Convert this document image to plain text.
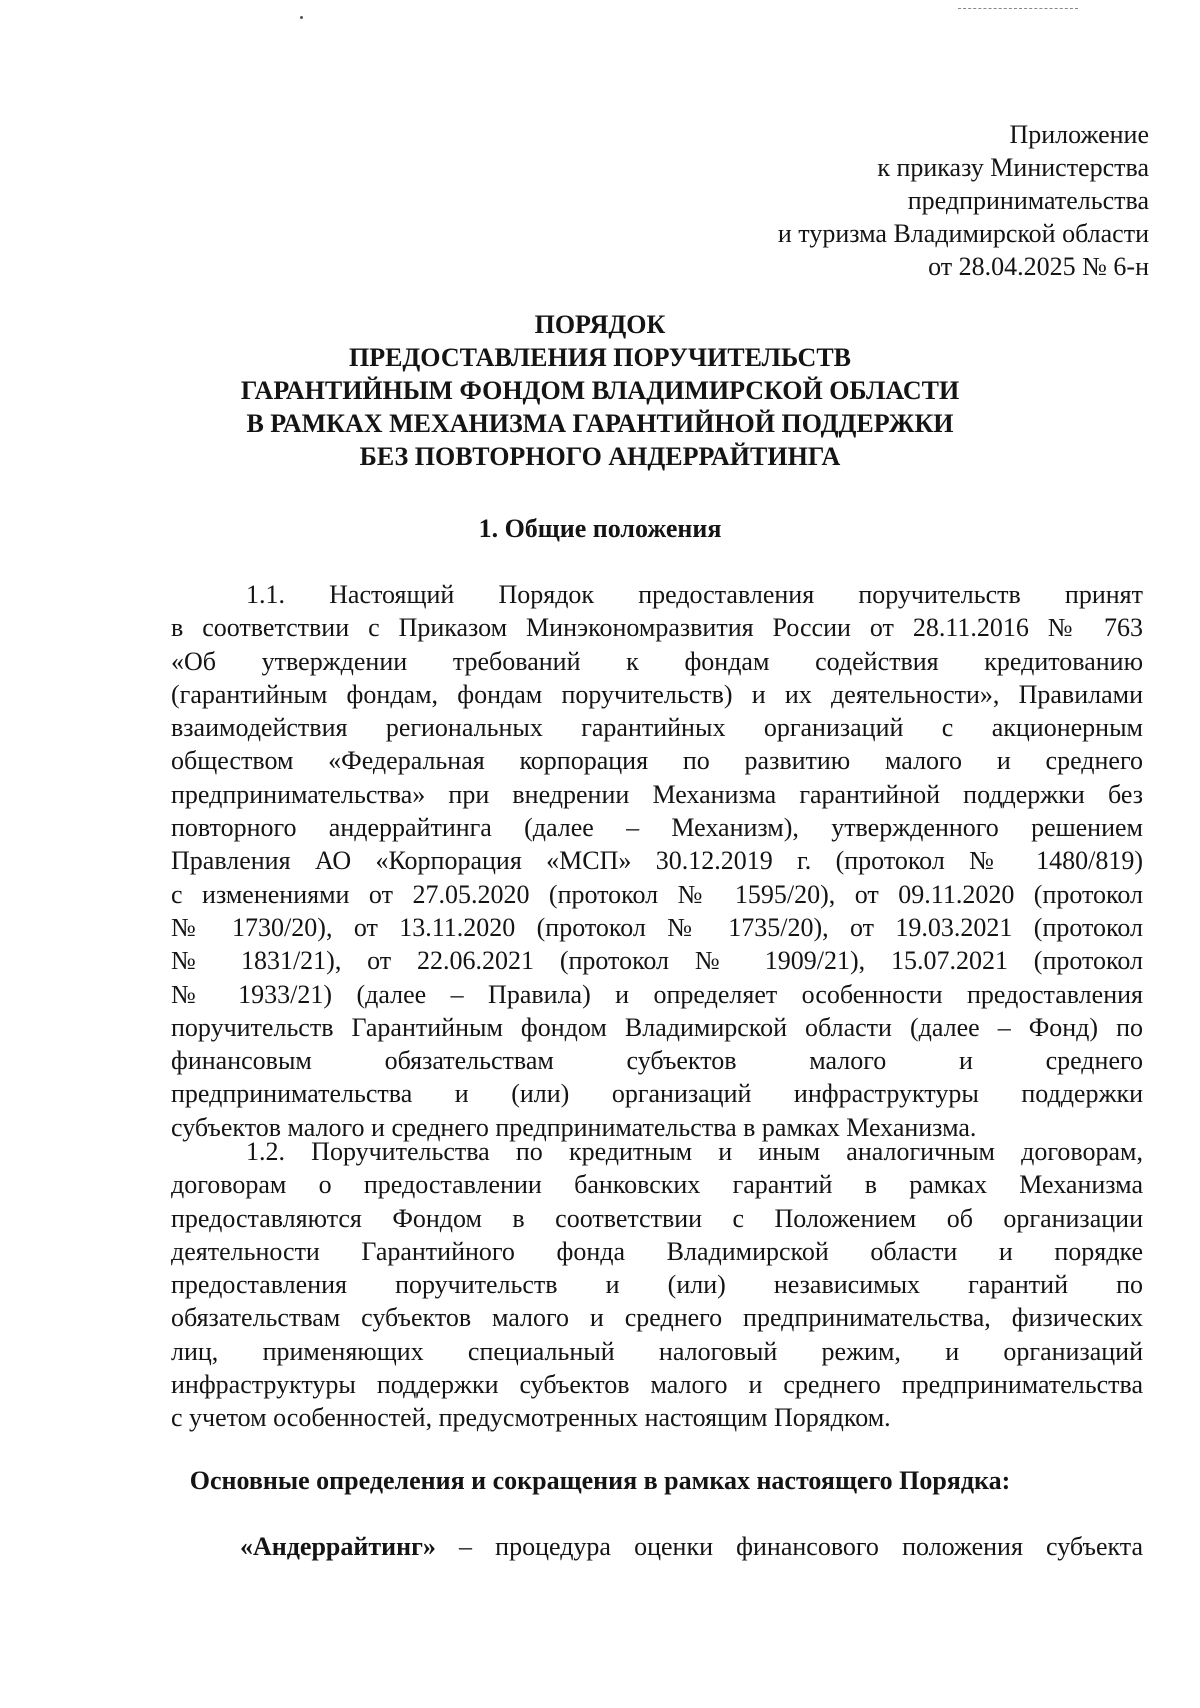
Приложение
к приказу Министерства
предпринимательства
и туризма Владимирской области
от 28.04.2025 № 6-н
ПОРЯДОК
ПРЕДОСТАВЛЕНИЯ ПОРУЧИТЕЛЬСТВ
ГАРАНТИЙНЫМ ФОНДОМ ВЛАДИМИРСКОЙ ОБЛАСТИ
В РАМКАХ МЕХАНИЗМА ГАРАНТИЙНОЙ ПОДДЕРЖКИ
БЕЗ ПОВТОРНОГО АНДЕРРАЙТИНГА
1. Общие положения
1.1. Настоящий Порядок предоставления поручительств принят
в соответствии с Приказом Минэкономразвития России от 28.11.2016 № 763
«Об утверждении требований к фондам содействия кредитованию
(гарантийным фондам, фондам поручительств) и их деятельности», Правилами
взаимодействия региональных гарантийных организаций с акционерным
обществом «Федеральная корпорация по развитию малого и среднего
предпринимательства» при внедрении Механизма гарантийной поддержки без
повторного андеррайтинга (далее – Механизм), утвержденного решением
Правления АО «Корпорация «МСП» 30.12.2019 г. (протокол № 1480/819)
с изменениями от 27.05.2020 (протокол № 1595/20), от 09.11.2020 (протокол
№ 1730/20), от 13.11.2020 (протокол № 1735/20), от 19.03.2021 (протокол
№ 1831/21), от 22.06.2021 (протокол № 1909/21), 15.07.2021 (протокол
№ 1933/21) (далее – Правила) и определяет особенности предоставления
поручительств Гарантийным фондом Владимирской области (далее – Фонд) по
финансовым обязательствам субъектов малого и среднего
предпринимательства и (или) организаций инфраструктуры поддержки
субъектов малого и среднего предпринимательства в рамках Механизма.
1.2. Поручительства по кредитным и иным аналогичным договорам,
договорам о предоставлении банковских гарантий в рамках Механизма
предоставляются Фондом в соответствии с Положением об организации
деятельности Гарантийного фонда Владимирской области и порядке
предоставления поручительств и (или) независимых гарантий по
обязательствам субъектов малого и среднего предпринимательства, физических
лиц, применяющих специальный налоговый режим, и организаций
инфраструктуры поддержки субъектов малого и среднего предпринимательства
с учетом особенностей, предусмотренных настоящим Порядком.
Основные определения и сокращения в рамках настоящего Порядка:
«Андеррайтинг» – процедура оценки финансового положения субъекта
